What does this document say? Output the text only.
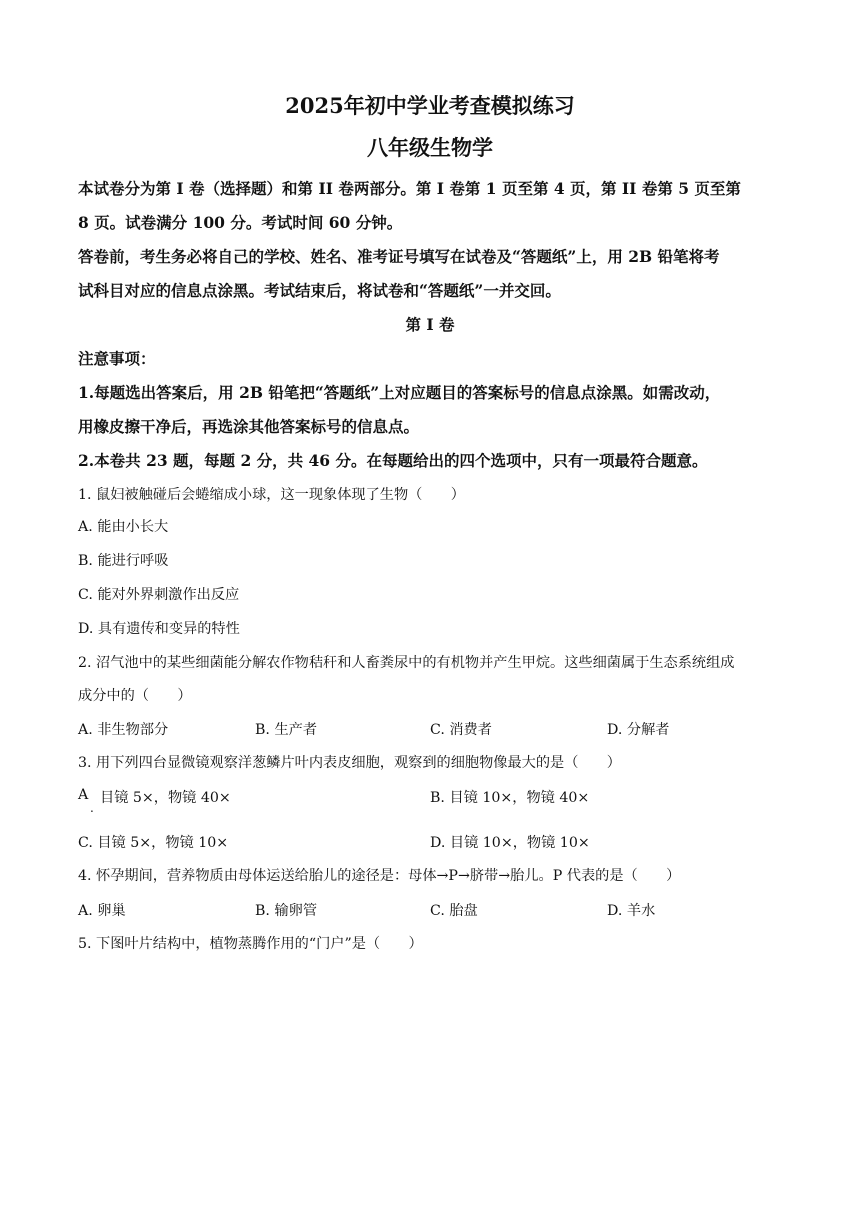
2025年初中学业考查模拟练习
八年级生物学
本试卷分为第 I 卷（选择题）和第 II 卷两部分。第 I 卷第 1 页至第 4 页，第 II 卷第 5 页至第
8 页。试卷满分 100 分。考试时间 60 分钟。
答卷前，考生务必将自己的学校、姓名、准考证号填写在试卷及“答题纸”上，用 2B 铅笔将考
试科目对应的信息点涂黑。考试结束后，将试卷和“答题纸”一并交回。
第 I 卷
注意事项：
1.每题选出答案后，用 2B 铅笔把“答题纸”上对应题目的答案标号的信息点涂黑。如需改动，
用橡皮擦干净后，再选涂其他答案标号的信息点。
2.本卷共 23 题，每题 2 分，共 46 分。在每题给出的四个选项中，只有一项最符合题意。
1. 鼠妇被触碰后会蜷缩成小球，这一现象体现了生物（　　）
A. 能由小长大
B. 能进行呼吸
C. 能对外界刺激作出反应
D. 具有遗传和变异的特性
2. 沼气池中的某些细菌能分解农作物秸秆和人畜粪尿中的有机物并产生甲烷。这些细菌属于生态系统组成
成分中的（　　）
A. 非生物部分	B. 生产者	C. 消费者	D. 分解者
3. 用下列四台显微镜观察洋葱鳞片叶内表皮细胞，观察到的细胞物像最大的是（　　）
A
.
目镜 5×，物镜 40×	B. 目镜 10×，物镜 40×
C. 目镜 5×，物镜 10×	D. 目镜 10×，物镜 10×
4. 怀孕期间，营养物质由母体运送给胎儿的途径是：母体→P→脐带→胎儿。P 代表的是（　　）
A. 卵巢	B. 输卵管	C. 胎盘	D. 羊水
5. 下图叶片结构中，植物蒸腾作用的“门户”是（　　）
